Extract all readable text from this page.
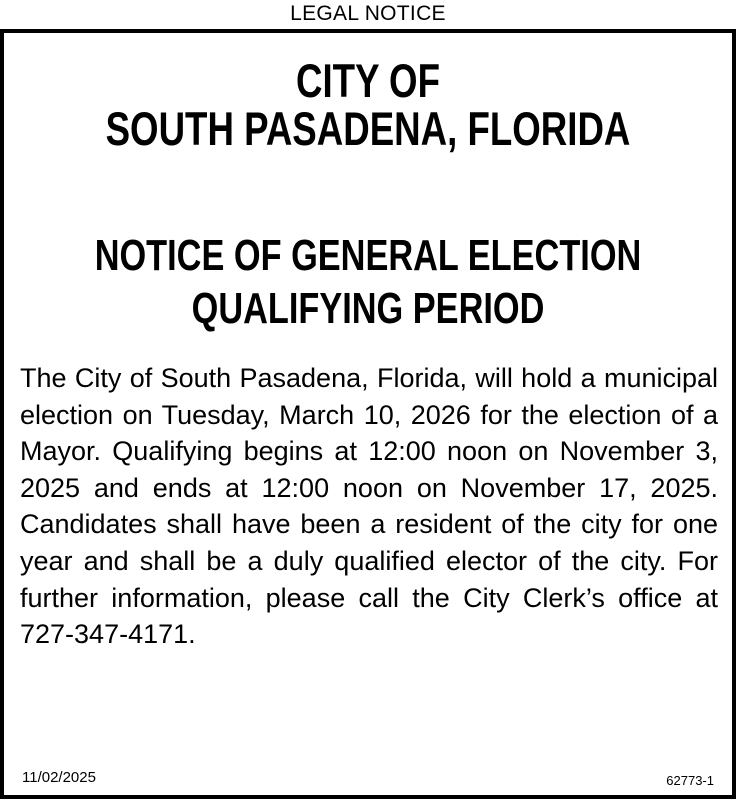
LEGAL NOTICE
CITY OF
SOUTH PASADENA, FLORIDA
NOTICE OF GENERAL ELECTION
QUALIFYING PERIOD
The City of South Pasadena, Florida, will hold a municipal election on Tuesday, March 10, 2026 for the election of a Mayor. Qualifying begins at 12:00 noon on November 3, 2025 and ends at 12:00 noon on November 17, 2025. Candidates shall have been a resident of the city for one year and shall be a duly qualified elector of the city. For further information, please call the City Clerk’s office at 727-347-4171.
11/02/2025	62773-1
